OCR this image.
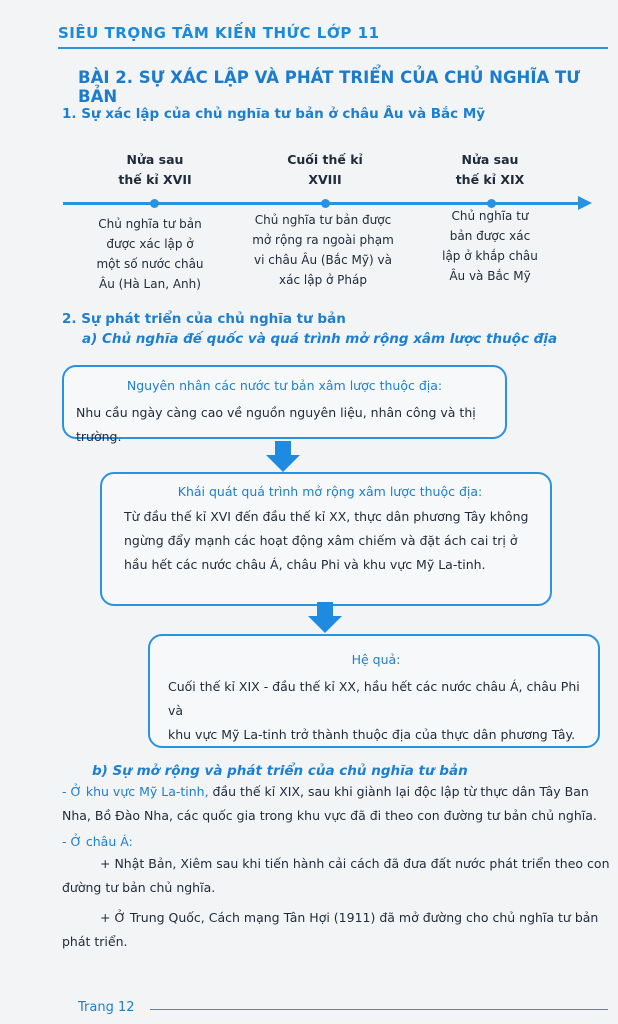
SIÊU TRỌNG TÂM KIẾN THỨC LỚP 11
BÀI 2. SỰ XÁC LẬP VÀ PHÁT TRIỂN CỦA CHỦ NGHĨA TƯ BẢN
1. Sự xác lập của chủ nghĩa tư bản ở châu Âu và Bắc Mỹ
Nửa sau
thế kỉ XVII
Cuối thế kỉ
XVIII
Nửa sau
thế kỉ XIX
Chủ nghĩa tư bản
được xác lập ở
một số nước châu
Âu (Hà Lan, Anh)
Chủ nghĩa tư bản được
mở rộng ra ngoài phạm
vi châu Âu (Bắc Mỹ) và
xác lập ở Pháp
Chủ nghĩa tư
bản được xác
lập ở khắp châu
Âu và Bắc Mỹ
2. Sự phát triển của chủ nghĩa tư bản
a) Chủ nghĩa đế quốc và quá trình mở rộng xâm lược thuộc địa

Nguyên nhân các nước tư bản xâm lược thuộc địa:

Nhu cầu ngày càng cao về nguồn nguyên liệu, nhân công và thị trường.

Khái quát quá trình mở rộng xâm lược thuộc địa:

Từ đầu thế kỉ XVI đến đầu thế kỉ XX, thực dân phương Tây không

ngừng đẩy mạnh các hoạt động xâm chiếm và đặt ách cai trị ở

hầu hết các nước châu Á, châu Phi và khu vực Mỹ La-tinh.

Hệ quả:

Cuối thế kỉ XIX - đầu thế kỉ XX, hầu hết các nước châu Á, châu Phi và

khu vực Mỹ La-tinh trở thành thuộc địa của thực dân phương Tây.

b) Sự mở rộng và phát triển của chủ nghĩa tư bản
- Ở khu vực Mỹ La-tinh, đầu thế kỉ XIX, sau khi giành lại độc lập từ thực dân Tây Ban
Nha, Bồ Đào Nha, các quốc gia trong khu vực đã đi theo con đường tư bản chủ nghĩa.
- Ở châu Á:
+ Nhật Bản, Xiêm sau khi tiến hành cải cách đã đưa đất nước phát triển theo con
đường tư bản chủ nghĩa.
+ Ở Trung Quốc, Cách mạng Tân Hợi (1911) đã mở đường cho chủ nghĩa tư bản
phát triển.
Trang 12
